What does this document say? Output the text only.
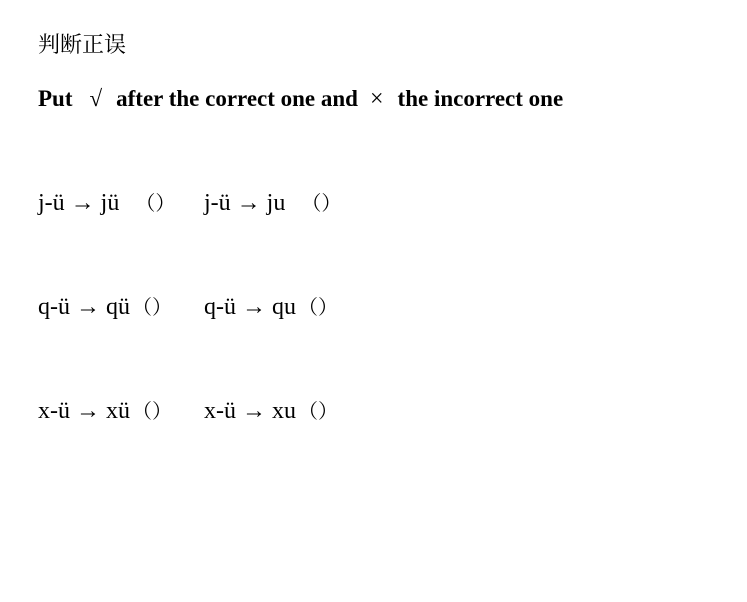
判断正误
Put √ after the correct one and × the incorrect one
j-ü → jü （） j-ü → ju （）
q-ü → qü （） q-ü → qu （）
x-ü → xü （） x-ü → xu （）
